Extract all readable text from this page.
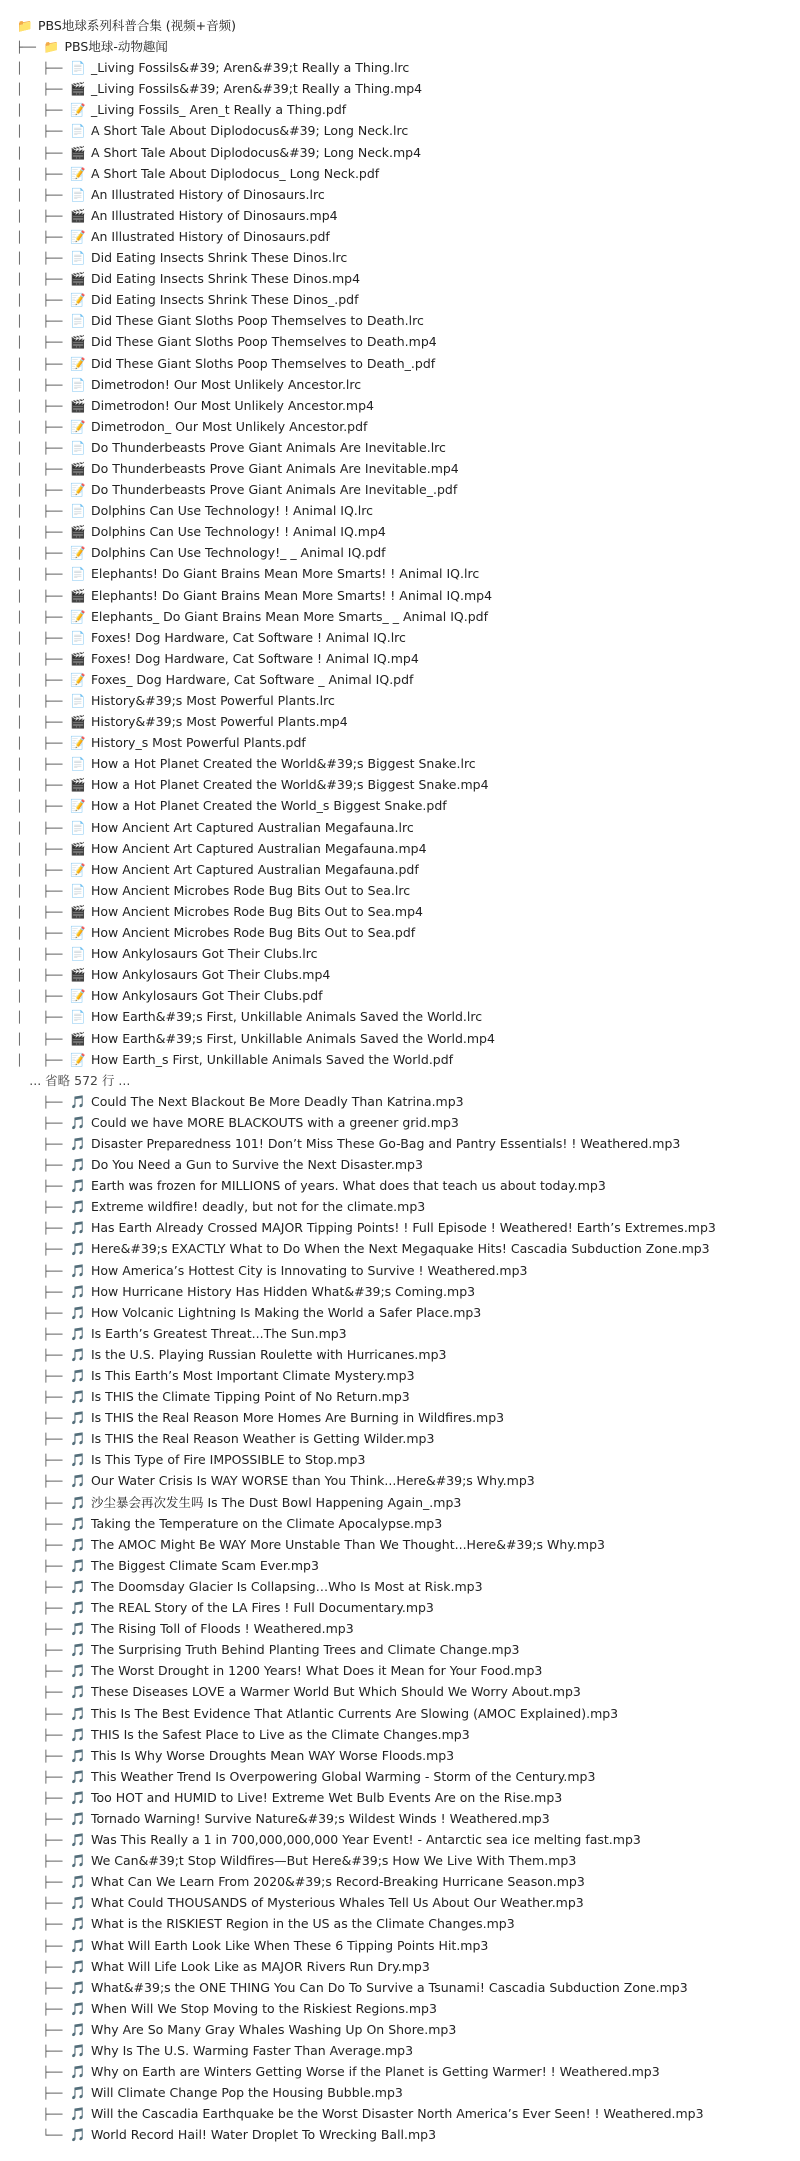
📁 PBS地球系列科普合集 (视频+音频)
├── 📁 PBS地球-动物趣闻
│   ├── 📄 _Living Fossils&#39; Aren&#39;t Really a Thing.lrc
│   ├── 🎬 _Living Fossils&#39; Aren&#39;t Really a Thing.mp4
│   ├── 📝 _Living Fossils_ Aren_t Really a Thing.pdf
│   ├── 📄 A Short Tale About Diplodocus&#39; Long Neck.lrc
│   ├── 🎬 A Short Tale About Diplodocus&#39; Long Neck.mp4
│   ├── 📝 A Short Tale About Diplodocus_ Long Neck.pdf
│   ├── 📄 An Illustrated History of Dinosaurs.lrc
│   ├── 🎬 An Illustrated History of Dinosaurs.mp4
│   ├── 📝 An Illustrated History of Dinosaurs.pdf
│   ├── 📄 Did Eating Insects Shrink These Dinos.lrc
│   ├── 🎬 Did Eating Insects Shrink These Dinos.mp4
│   ├── 📝 Did Eating Insects Shrink These Dinos_.pdf
│   ├── 📄 Did These Giant Sloths Poop Themselves to Death.lrc
│   ├── 🎬 Did These Giant Sloths Poop Themselves to Death.mp4
│   ├── 📝 Did These Giant Sloths Poop Themselves to Death_.pdf
│   ├── 📄 Dimetrodon! Our Most Unlikely Ancestor.lrc
│   ├── 🎬 Dimetrodon! Our Most Unlikely Ancestor.mp4
│   ├── 📝 Dimetrodon_ Our Most Unlikely Ancestor.pdf
│   ├── 📄 Do Thunderbeasts Prove Giant Animals Are Inevitable.lrc
│   ├── 🎬 Do Thunderbeasts Prove Giant Animals Are Inevitable.mp4
│   ├── 📝 Do Thunderbeasts Prove Giant Animals Are Inevitable_.pdf
│   ├── 📄 Dolphins Can Use Technology! ! Animal IQ.lrc
│   ├── 🎬 Dolphins Can Use Technology! ! Animal IQ.mp4
│   ├── 📝 Dolphins Can Use Technology!_ _ Animal IQ.pdf
│   ├── 📄 Elephants! Do Giant Brains Mean More Smarts! ! Animal IQ.lrc
│   ├── 🎬 Elephants! Do Giant Brains Mean More Smarts! ! Animal IQ.mp4
│   ├── 📝 Elephants_ Do Giant Brains Mean More Smarts_ _ Animal IQ.pdf
│   ├── 📄 Foxes! Dog Hardware, Cat Software ! Animal IQ.lrc
│   ├── 🎬 Foxes! Dog Hardware, Cat Software ! Animal IQ.mp4
│   ├── 📝 Foxes_ Dog Hardware, Cat Software _ Animal IQ.pdf
│   ├── 📄 History&#39;s Most Powerful Plants.lrc
│   ├── 🎬 History&#39;s Most Powerful Plants.mp4
│   ├── 📝 History_s Most Powerful Plants.pdf
│   ├── 📄 How a Hot Planet Created the World&#39;s Biggest Snake.lrc
│   ├── 🎬 How a Hot Planet Created the World&#39;s Biggest Snake.mp4
│   ├── 📝 How a Hot Planet Created the World_s Biggest Snake.pdf
│   ├── 📄 How Ancient Art Captured Australian Megafauna.lrc
│   ├── 🎬 How Ancient Art Captured Australian Megafauna.mp4
│   ├── 📝 How Ancient Art Captured Australian Megafauna.pdf
│   ├── 📄 How Ancient Microbes Rode Bug Bits Out to Sea.lrc
│   ├── 🎬 How Ancient Microbes Rode Bug Bits Out to Sea.mp4
│   ├── 📝 How Ancient Microbes Rode Bug Bits Out to Sea.pdf
│   ├── 📄 How Ankylosaurs Got Their Clubs.lrc
│   ├── 🎬 How Ankylosaurs Got Their Clubs.mp4
│   ├── 📝 How Ankylosaurs Got Their Clubs.pdf
│   ├── 📄 How Earth&#39;s First, Unkillable Animals Saved the World.lrc
│   ├── 🎬 How Earth&#39;s First, Unkillable Animals Saved the World.mp4
│   ├── 📝 How Earth_s First, Unkillable Animals Saved the World.pdf
... 省略 572 行 ...
├── 🎵 Could The Next Blackout Be More Deadly Than Katrina.mp3
├── 🎵 Could we have MORE BLACKOUTS with a greener grid.mp3
├── 🎵 Disaster Preparedness 101! Don’t Miss These Go-Bag and Pantry Essentials! ! Weathered.mp3
├── 🎵 Do You Need a Gun to Survive the Next Disaster.mp3
├── 🎵 Earth was frozen for MILLIONS of years. What does that teach us about today.mp3
├── 🎵 Extreme wildfire! deadly, but not for the climate.mp3
├── 🎵 Has Earth Already Crossed MAJOR Tipping Points! ! Full Episode ! Weathered! Earth’s Extremes.mp3
├── 🎵 Here&#39;s EXACTLY What to Do When the Next Megaquake Hits! Cascadia Subduction Zone.mp3
├── 🎵 How America’s Hottest City is Innovating to Survive ! Weathered.mp3
├── 🎵 How Hurricane History Has Hidden What&#39;s Coming.mp3
├── 🎵 How Volcanic Lightning Is Making the World a Safer Place.mp3
├── 🎵 Is Earth’s Greatest Threat...The Sun.mp3
├── 🎵 Is the U.S. Playing Russian Roulette with Hurricanes.mp3
├── 🎵 Is This Earth’s Most Important Climate Mystery.mp3
├── 🎵 Is THIS the Climate Tipping Point of No Return.mp3
├── 🎵 Is THIS the Real Reason More Homes Are Burning in Wildfires.mp3
├── 🎵 Is THIS the Real Reason Weather is Getting Wilder.mp3
├── 🎵 Is This Type of Fire IMPOSSIBLE to Stop.mp3
├── 🎵 Our Water Crisis Is WAY WORSE than You Think...Here&#39;s Why.mp3
├── 🎵 沙尘暴会再次发生吗 Is The Dust Bowl Happening Again_.mp3
├── 🎵 Taking the Temperature on the Climate Apocalypse.mp3
├── 🎵 The AMOC Might Be WAY More Unstable Than We Thought...Here&#39;s Why.mp3
├── 🎵 The Biggest Climate Scam Ever.mp3
├── 🎵 The Doomsday Glacier Is Collapsing…Who Is Most at Risk.mp3
├── 🎵 The REAL Story of the LA Fires ! Full Documentary.mp3
├── 🎵 The Rising Toll of Floods ! Weathered.mp3
├── 🎵 The Surprising Truth Behind Planting Trees and Climate Change.mp3
├── 🎵 The Worst Drought in 1200 Years! What Does it Mean for Your Food.mp3
├── 🎵 These Diseases LOVE a Warmer World But Which Should We Worry About.mp3
├── 🎵 This Is The Best Evidence That Atlantic Currents Are Slowing (AMOC Explained).mp3
├── 🎵 THIS Is the Safest Place to Live as the Climate Changes.mp3
├── 🎵 This Is Why Worse Droughts Mean WAY Worse Floods.mp3
├── 🎵 This Weather Trend Is Overpowering Global Warming - Storm of the Century.mp3
├── 🎵 Too HOT and HUMID to Live! Extreme Wet Bulb Events Are on the Rise.mp3
├── 🎵 Tornado Warning! Survive Nature&#39;s Wildest Winds ! Weathered.mp3
├── 🎵 Was This Really a 1 in 700,000,000,000 Year Event! - Antarctic sea ice melting fast.mp3
├── 🎵 We Can&#39;t Stop Wildfires—But Here&#39;s How We Live With Them.mp3
├── 🎵 What Can We Learn From 2020&#39;s Record-Breaking Hurricane Season.mp3
├── 🎵 What Could THOUSANDS of Mysterious Whales Tell Us About Our Weather.mp3
├── 🎵 What is the RISKIEST Region in the US as the Climate Changes.mp3
├── 🎵 What Will Earth Look Like When These 6 Tipping Points Hit.mp3
├── 🎵 What Will Life Look Like as MAJOR Rivers Run Dry.mp3
├── 🎵 What&#39;s the ONE THING You Can Do To Survive a Tsunami! Cascadia Subduction Zone.mp3
├── 🎵 When Will We Stop Moving to the Riskiest Regions.mp3
├── 🎵 Why Are So Many Gray Whales Washing Up On Shore.mp3
├── 🎵 Why Is The U.S. Warming Faster Than Average.mp3
├── 🎵 Why on Earth are Winters Getting Worse if the Planet is Getting Warmer! ! Weathered.mp3
├── 🎵 Will Climate Change Pop the Housing Bubble.mp3
├── 🎵 Will the Cascadia Earthquake be the Worst Disaster North America’s Ever Seen! ! Weathered.mp3
└── 🎵 World Record Hail! Water Droplet To Wrecking Ball.mp3
